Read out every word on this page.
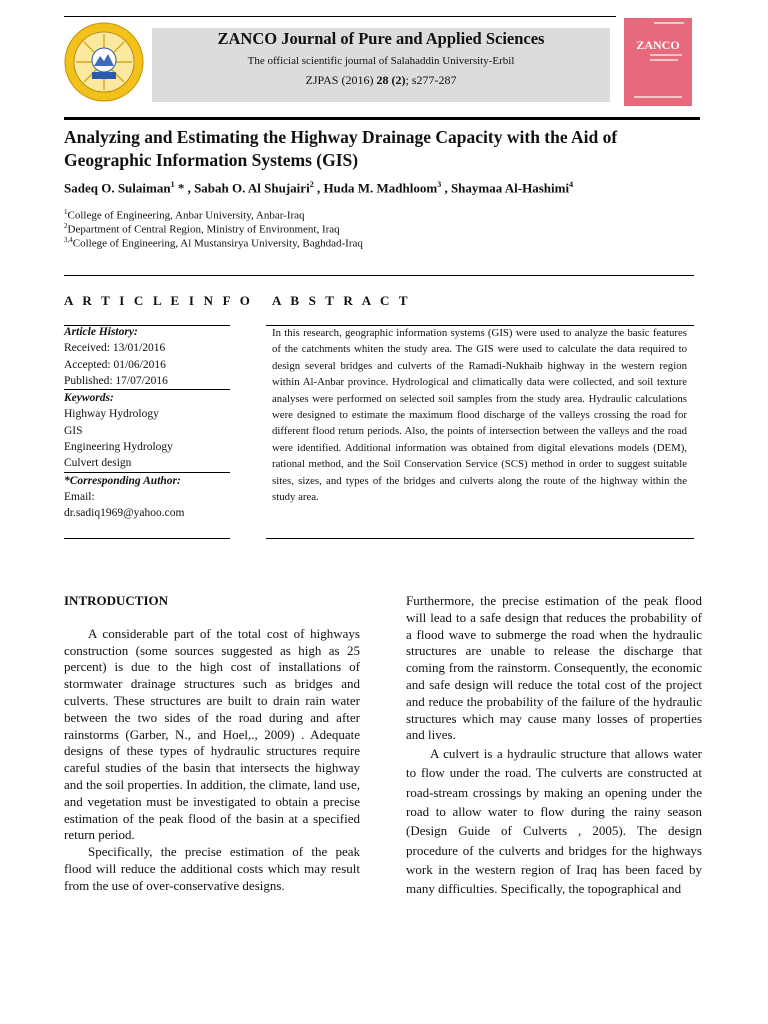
ZANCO Journal of Pure and Applied Sciences
The official scientific journal of Salahaddin University-Erbil
ZJPAS (2016) 28 (2); s277-287
ZANCO
Analyzing and Estimating the Highway Drainage Capacity with the Aid of Geographic Information Systems (GIS)
Sadeq O. Sulaiman$^1$ * , Sabah O. Al Shujairi$^2$ , Huda M. Madhloom$^3$ , Shaymaa Al-Hashimi$^4$
$^1$College of Engineering, Anbar University, Anbar-Iraq
$^2$Department of Central Region, Ministry of Environment, Iraq
$^{3,4}$College of Engineering, Al Mustansirya University, Baghdad-Iraq
A R T I C L E I N F O A B S T R A C T
Article History:
Received: 13/01/2016
Accepted: 01/06/2016
Published: 17/07/2016
Keywords:
Highway Hydrology
GIS
Engineering Hydrology
Culvert design
*Corresponding Author:
Email:
dr.sadiq1969@yahoo.com
In this research, geographic information systems (GIS) were used to analyze the basic features of the catchments whiten the study area. The GIS were used to calculate the data required to design several bridges and culverts of the Ramadi-Nukhaib highway in the western region within Al-Anbar province. Hydrological and climatically data were collected, and soil texture analyses were performed on selected soil samples from the study area. Hydraulic calculations were designed to estimate the maximum flood discharge of the valleys crossing the road for different flood return periods. Also, the points of intersection between the valleys and the road were identified. Additional information was obtained from digital elevations models (DEM), rational method, and the Soil Conservation Service (SCS) method in order to suggest suitable sites, sizes, and types of the bridges and culverts along the route of the highway within the study area.
INTRODUCTION

A considerable part of the total cost of highways construction (some sources suggested as high as 25 percent) is due to the high cost of installations of stormwater drainage structures such as bridges and culverts. These structures are built to drain rain water between the two sides of the road during and after rainstorms (Garber, N., and Hoel,., 2009) . Adequate designs of these types of hydraulic structures require careful studies of the basin that intersects the highway and the soil properties. In addition, the climate, land use, and vegetation must be investigated to obtain a precise estimation of the peak flood of the basin at a specified return period.

Specifically, the precise estimation of the peak flood will reduce the additional costs which may result from the use of over-conservative designs.

Furthermore, the precise estimation of the peak flood will lead to a safe design that reduces the probability of a flood wave to submerge the road when the hydraulic structures are unable to release the discharge that coming from the rainstorm. Consequently, the economic and safe design will reduce the total cost of the project and reduce the probability of the failure of the hydraulic structures which may cause many losses of properties and lives.

A culvert is a hydraulic structure that allows water to flow under the road. The culverts are constructed at road-stream crossings by making an opening under the road to allow water to flow during the rainy season (Design Guide of Culverts , 2005). The design procedure of the culverts and bridges for the highways work in the western region of Iraq has been faced by many difficulties. Specifically, the topographical and
